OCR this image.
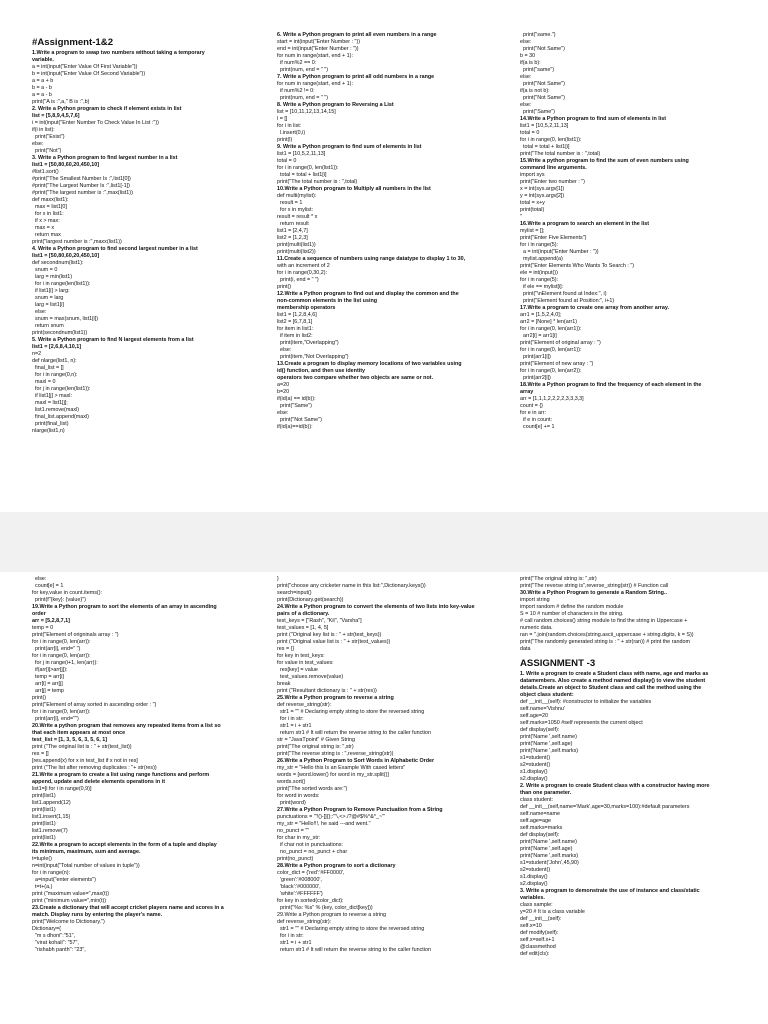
#Assignment-1&2
1.Write a program to swap two numbers without taking a temporary
variable.
a = int(input("Enter Value Of First Variable"))
b = int(input("Enter Value Of Second Variable"))
a = a + b
b = a - b
a = a - b
print("A is :",a," B is :",b)
2. Write a Python program to check if element exists in list
list = [5,8,9,4,5,7,6]
i = int(input("Enter Number To Check Value In List :"))
if(i in list):
print("Exist")
else:
print("Not")
3. Write a Python program to find largest number in a list
list1 = [50,80,60,20,450,10]
#list1.sort()
#print("The Smallest Number Is :",list1[0])
#print("The Largest Number Is :",list1[-1])
#print("The largest number is :",max(list1))
def maxx(list1):
max = list1[0]
for x in list1:
if x > max:
max = x
return max
print("largest number is :",maxx(list1))
4. Write a Python program to find second largest number in a list
list1 = [50,80,60,20,450,10]
def secondnum(list1):
snum = 0
larg = min(list1)
for i in range(len(list1)):
if list1[i] > larg:
snum = larg
larg = list1[i]
else:
snum = max(snum, list1[i])
return snum
print(secondnum(list1))
5. Write a Python program to find N largest elements from a list
list1 = [2,6,8,4,10,1]
n=2
def nlarge(list1, n):
final_list = []
for i in range(0,n):
maxl = 0
for j in range(len(list1)):
if list1[j] > maxl:
maxl = list1[j];
list1.remove(maxl)
final_list.append(maxl)
print(final_list)
nlarge(list1,n)
6. Write a Python program to print all even numbers in a range
start = int(input("Enter Number : "))
end = int(input("Enter Number : "))
for num in range(start, end + 1):
if num%2 == 0:
print(num, end = " ")
7. Write a Python program to print all odd numbers in a range
for num in range(start, end + 1):
if num%2 != 0:
print(num, end = " ")
8. Write a Python program to Reversing a List
list = [10,11,12,13,14,15]
l = []
for i in list:
l.insert(0,i)
print(l)
9. Write a Python program to find sum of elements in list
list1 = [10,5,2,11,13]
total = 0
for i in range(0, len(list1)):
total = total + list1[i]
print("The total number is : ",total)
10.Write a Python program to Multiply all numbers in the list
def multi(mylist):
result = 1
for x in mylist:
result = result * x
return result
list1 = [2,4,7]
list2 = [1,2,3]
print(multi(list1))
print(multi(list2))
11.Create a sequence of numbers using range datatype to display 1 to 30,
with an increment of 2
for i in range(0,30,2):
print(i, end = " ")
print()
12.Write a Python program to find out and display the common and the
non-common elements in the list using
membership operators
list1 = [1,2,8,4,6]
list2 = [6,7,8,1]
for item in list1:
if item in list2:
print(item,"Overlapping")
else:
print(item,"Not Overlapping")
13.Create a program to display memory locations of two variables using
id() function, and then use identity
operators two compare whether two objects are same or not.
a=20
b=20
if(id(a) == id(b)):
print("Same")
else:
print("Not Same")
if(id(a)==id(b)):
print("same.")
else:
print("Not Same")
b = 30
if(a is b):
print("same")
else:
print("Not Same")
if(a is not b):
print("Not Same")
else:
print("Same")
14.Write a Python program to find sum of elements in list
list1 = [10,5,2,11,13]
total = 0
for i in range(0, len(list1)):
total = total + list1[i]
print("The total number is : ",total)
15.Write a python program to find the sum of even numbers using
command line arguments.
import sys
print("Enter two number : ")
x = int(sys.argv[1])
y = int(sys.argv[2])
total = x+y
print(total)
''
16.Write a program to search an element in the list
mylist = [];
print("Enter Five Elements")
for i in range(5):
a = int(input("Enter Number : "))
mylist.append(a)
print("Enter Elements Who Wants To Search : ")
ele = int(input())
for i in range(5):
if ele == mylist[i]:
print("\nElement found at Index:", i)
print("Element found at Position:", i+1)
17.Write a program to create one array from another array.
arr1 = [1,5,2,4,0];
arr2 = [None] * len(arr1)
for i in range(0, len(arr1)):
arr2[i] = arr1[i]
print("Element of original array : ")
for i in range(0, len(arr1)):
print(arr1[i])
print("Element of new array : ")
for i in range(0, len(arr2)):
print(arr2[i])
18.Write a Python program to find the frequency of each element in the
array
arr = [1,1,1,2,2,2,2,3,3,3,3]
count = {}
for e in arr:
if e in count:
count[e] += 1
else:
count[e] = 1
for key,value in count.items():
print(f"{key}: {value}")
19.Write a Python program to sort the elements of an array in ascending
order
arr = [5,2,8,7,1]
temp = 0
print("Element of origninals array : ")
for i in range(0, len(arr)):
print(arr[i], end=" ")
for i in range(0, len(arr)):
for j in range(i+1, len(arr)):
if(arr[i]>arr[j]):
temp = arr[i]
arr[i] = arr[j]
arr[j] = temp
print()
print("Element of array sorted in ascending order : ")
for i in range(0, len(arr)):
print(arr[i], end="")
20.Write a python program that removes any repeated items from a list so
that each item appears at most once
test_list = [1, 3, 5, 6, 3, 5, 6, 1]
print ("The original list is : " + str(test_list))
res = []
[res.append(x) for x in test_list if x not in res]
print ("The list after removing duplicates : "+ str(res))
21.Write a program to create a list using range functions and perform
append, update and delete elements operations in it
list1=[i for i in range(0,9)]
print(list1)
list1.append(12)
print(list1)
list1.insert(1,15)
print(list1)
list1.remove(7)
print(list1)
22.Write a program to accept elements in the form of a tuple and display
its minimum, maximum, sum and average.
t=tuple()
n=int(input("Total number of values in tuple"))
for i in range(n):
a=input("enter elements")
t=t+(a,)
print ("maximum value=",max(t))
print ("minimum value=",min(t))
23.Create a dictionary that will accept cricket players name and scores in a
match. Display runs by entering the player's name.
print("Welcome to Dictionary.")
Dictionary={
"m s dhoni":"51",
"virat kohali": "57",
"rishabh panth": "23",
}
print("choose any cricketer name in this list:",Dictionary.keys())
search=input()
print(Dictionary.get(search))
24.Write a Python program to convert the elements of two lists into key-value
pairs of a dictionary.
test_keys = ["Rash", "Kil", "Varsha"]
test_values = [1, 4, 5]
print ("Original key list is : " + str(test_keys))
print ("Original value list is : " + str(test_values))
res = {}
for key in test_keys:
for value in test_values:
res[key] = value
test_values.remove(value)
break
print ("Resultant dictionary is : " + str(res))
25.Write a Python program to reverse a string
def reverse_string(str):
str1 = "" # Declaring empty string to store the reversed string
for i in str:
str1 = i + str1
return str1 # It will return the reverse string to the caller function
str = "JavaTpoint" # Given String
print("The original string is: ",str)
print("The reverse string is : ",reverse_string(str))
26.Write a Python Program to Sort Words in Alphabetic Order
my_str = "Hello this Is an Example With cased letters"
words = [word.lower() for word in my_str.split()]
words.sort()
print("The sorted words are:")
for word in words:
print(word)
27.Write a Python Program to Remove Punctuation from a String
punctuations = '''!()-[]{};:'"\,<>./?@#$%^&*_~'''
my_str = "Hello!!!, he said ---and went."
no_punct = ""
for char in my_str:
if char not in punctuations:
no_punct = no_punct + char
print(no_punct)
28.Write a Python program to sort a dictionary
color_dict = {'red':'#FF0000',
'green':'#008000',
'black':'#000000',
'white':'#FFFFFF'}
for key in sorted(color_dict):
print("%s: %s" % (key, color_dict[key]))
29.Write a Python program to reverse a string
def reverse_string(str):
str1 = "" # Declaring empty string to store the reversed string
for i in str:
str1 = i + str1
return str1 # It will return the reverse string to the caller function
print("The original string is: ",str)
print("The reverse string is",reverse_string(str)) # Function call
30.Write a Python Program to generate a Random String..
import string
import random # define the random module
S = 10 # number of characters in the string.
# call random.choices() string module to find the string in Uppercase +
numeric data.
ran = ''.join(random.choices(string.ascii_uppercase + string.digits, k = S))
print("The randomly generated string is : " + str(ran)) # print the random
data
ASSIGNMENT -3
1. Write a program to create a Student class with name, age and marks as
datamembers. Also create a method named display() to view the student
details.Create an object to Student class and call the method using the
object class student:
def __init__(self): #constructor to initialize the variables
self.name='Vishnu'
self.age=20
self.marks=1050 #self represents the current object
def display(self):
print('Name ',self.name)
print('Name ',self.age)
print('Name ',self.marks)
s1=student()
s2=student()
s1.display()
s2.display()
2. Write a program to create Student class with a constructor having more
than one parameter.
class student:
def __init__(self,name='Mark',age=30,marks=100):#default parameters
self.name=name
self.age=age
self.marks=marks
def display(self):
print('Name ',self.name)
print('Name ',self.age)
print('Name ',self.marks)
s1=student('John',45,90)
s2=student()
s1.display()
s2.display()
3. Write a program to demonstrate the use of instance and class/static
variables.
class sample:
y=20 # It is a class variable
def __init__(self):
self.x=10
def modify(self):
self.x=self.x+1
@classmethod
def edit(cls):
